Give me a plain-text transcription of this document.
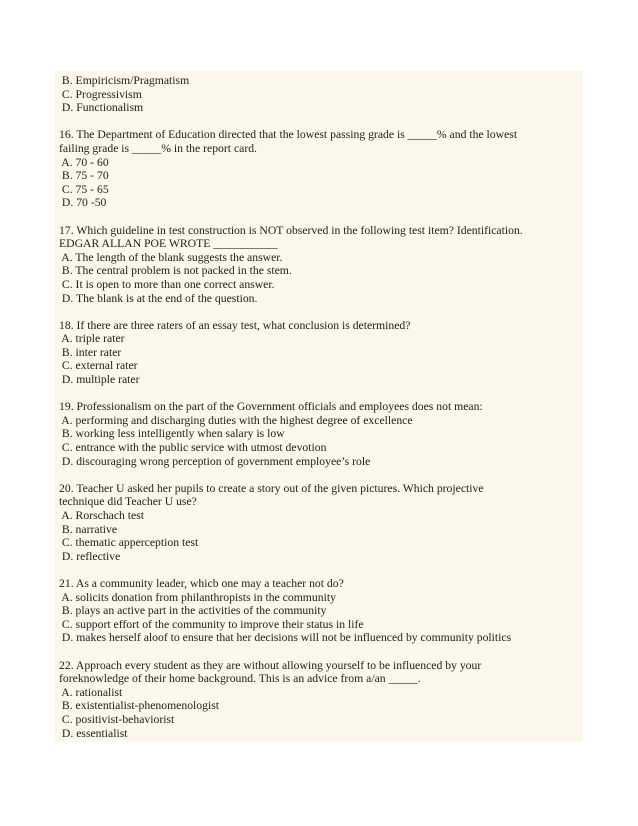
B. Empiricism/Pragmatism
C. Progressivism
D. Functionalism
16. The Department of Education directed that the lowest passing grade is _____% and the lowest
failing grade is _____% in the report card.
A. 70 - 60
B. 75 - 70
C. 75 - 65
D. 70 -50
17. Which guideline in test construction is NOT observed in the following test item? Identification.
EDGAR ALLAN POE WROTE ___________
A. The length of the blank suggests the answer.
B. The central problem is not packed in the stem.
C. It is open to more than one correct answer.
D. The blank is at the end of the question.
18. If there are three raters of an essay test, what conclusion is determined?
A. triple rater
B. inter rater
C. external rater
D. multiple rater
19. Professionalism on the part of the Government officials and employees does not mean:
A. performing and discharging duties with the highest degree of excellence
B. working less intelligently when salary is low
C. entrance with the public service with utmost devotion
D. discouraging wrong perception of government employee’s role
20. Teacher U asked her pupils to create a story out of the given pictures. Which projective
technique did Teacher U use?
A. Rorschach test
B. narrative
C. thematic apperception test
D. reflective
21. As a community leader, whicb one may a teacher not do?
A. solicits donation from philanthropists in the community
B. plays an active part in the activities of the community
C. support effort of the community to improve their status in life
D. makes herself aloof to ensure that her decisions will not be influenced by community politics
22. Approach every student as they are without allowing yourself to be influenced by your
foreknowledge of their home background. This is an advice from a/an _____.
A. rationalist
B. existentialist-phenomenologist
C. positivist-behaviorist
D. essentialist
